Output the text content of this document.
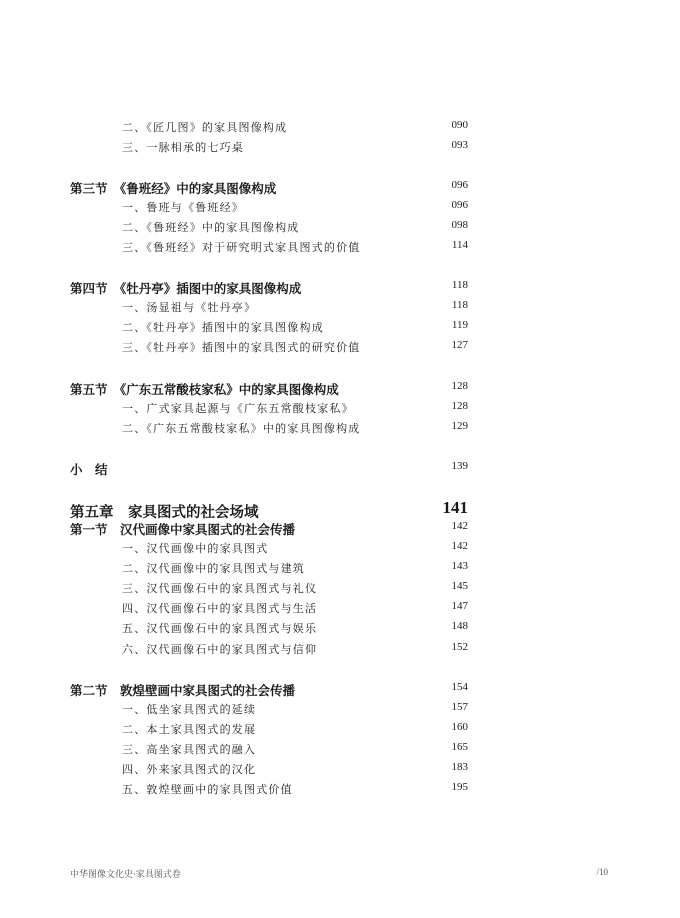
二、《匠几图》的家具图像构成	090
三、一脉相承的七巧桌	093
第三节　《鲁班经》中的家具图像构成	096
一、鲁班与《鲁班经》	096
二、《鲁班经》中的家具图像构成	098
三、《鲁班经》对于研究明式家具图式的价值	114
第四节　《牡丹亭》插图中的家具图像构成	118
一、汤显祖与《牡丹亭》	118
二、《牡丹亭》插图中的家具图像构成	119
三、《牡丹亭》插图中的家具图式的研究价值	127
第五节　《广东五常酸枝家私》中的家具图像构成	128
一、广式家具起源与《广东五常酸枝家私》	128
二、《广东五常酸枝家私》中的家具图像构成	129
小　结	139
第五章　家具图式的社会场域	141
第一节　汉代画像中家具图式的社会传播	142
一、汉代画像中的家具图式	142
二、汉代画像中的家具图式与建筑	143
三、汉代画像石中的家具图式与礼仪	145
四、汉代画像石中的家具图式与生活	147
五、汉代画像石中的家具图式与娱乐	148
六、汉代画像石中的家具图式与信仰	152
第二节　敦煌壁画中家具图式的社会传播	154
一、低坐家具图式的延续	157
二、本土家具图式的发展	160
三、高坐家具图式的融入	165
四、外来家具图式的汉化	183
五、敦煌壁画中的家具图式价值	195
中华图像文化史·家具图式卷	/10
